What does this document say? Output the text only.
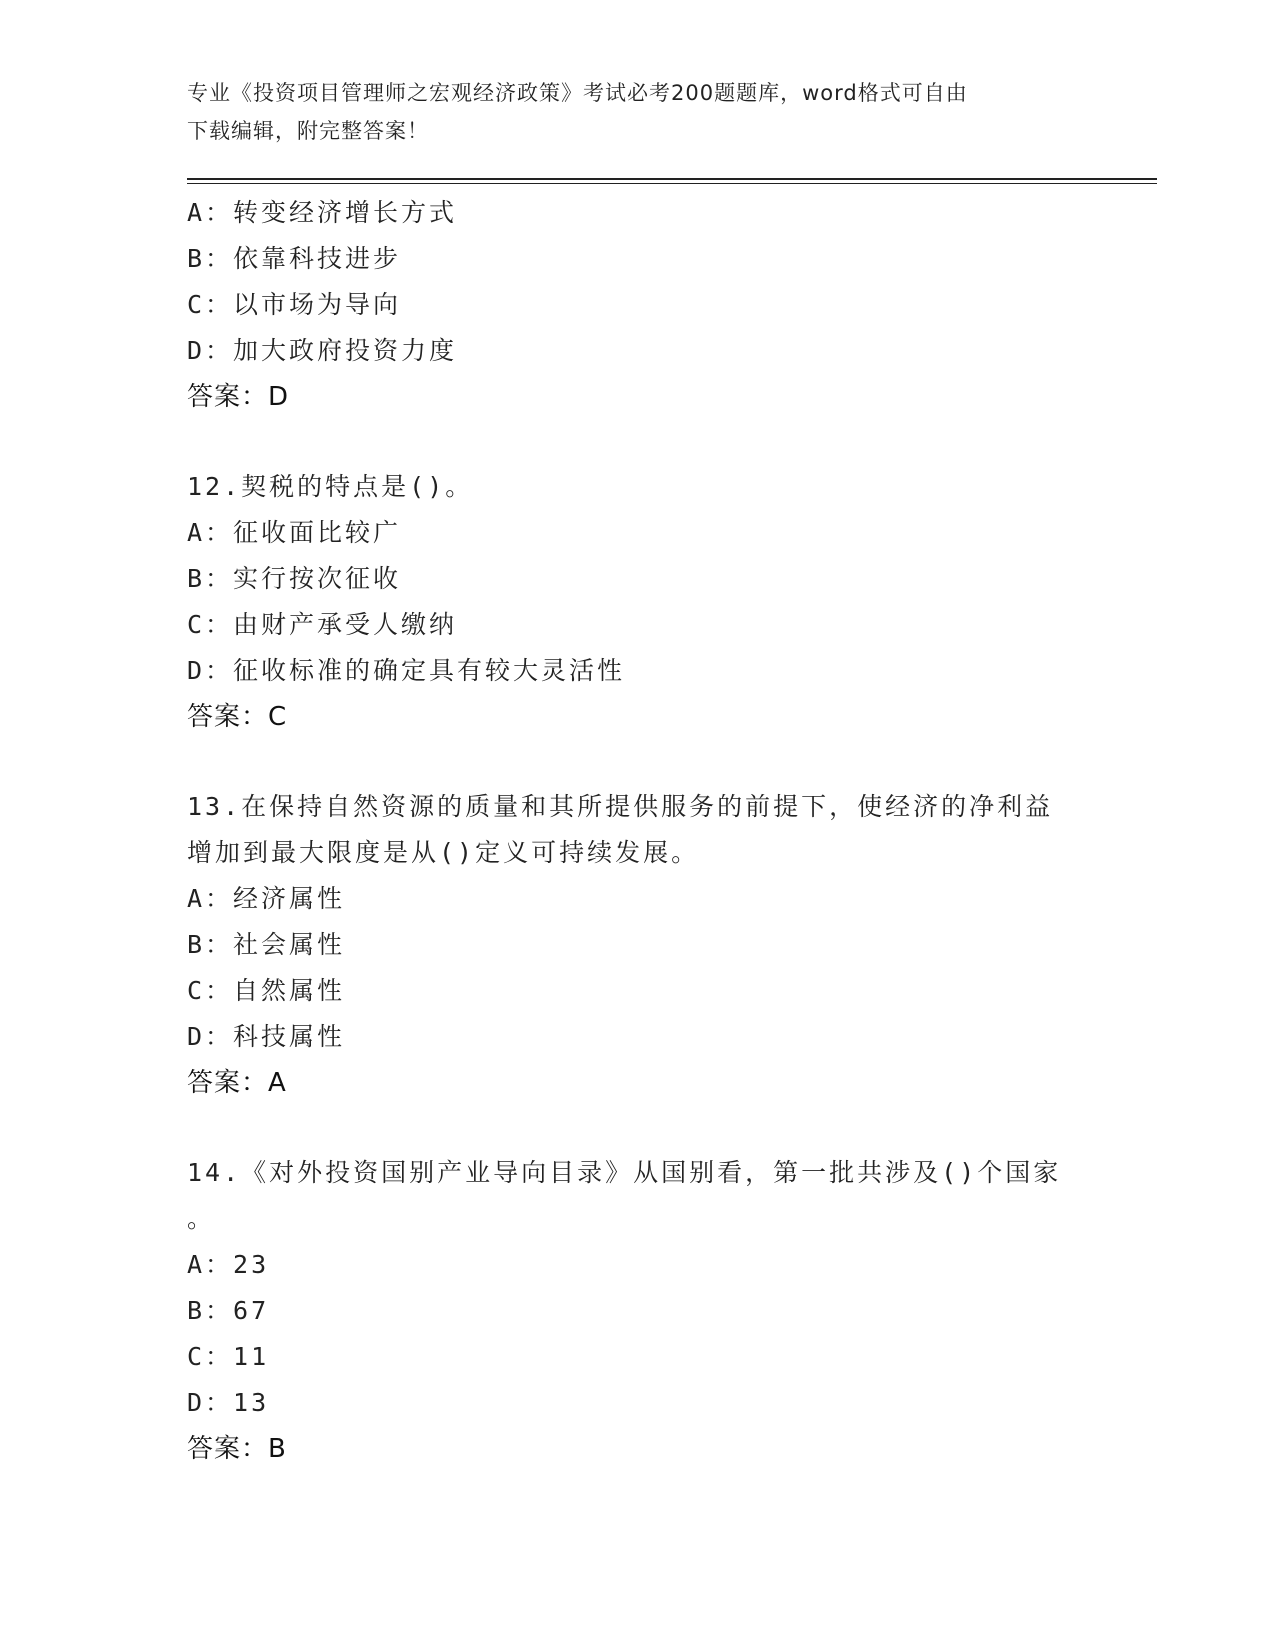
专业《投资项目管理师之宏观经济政策》考试必考200题题库，word格式可自由
下载编辑，附完整答案！
A：转变经济增长方式
B：依靠科技进步
C：以市场为导向
D：加大政府投资力度
答案：D
12.契税的特点是()。
A：征收面比较广
B：实行按次征收
C：由财产承受人缴纳
D：征收标准的确定具有较大灵活性
答案：C
13.在保持自然资源的质量和其所提供服务的前提下，使经济的净利益
增加到最大限度是从()定义可持续发展。
A：经济属性
B：社会属性
C：自然属性
D：科技属性
答案：A
14.《对外投资国别产业导向目录》从国别看，第一批共涉及()个国家
。
A：23
B：67
C：11
D：13
答案：B
